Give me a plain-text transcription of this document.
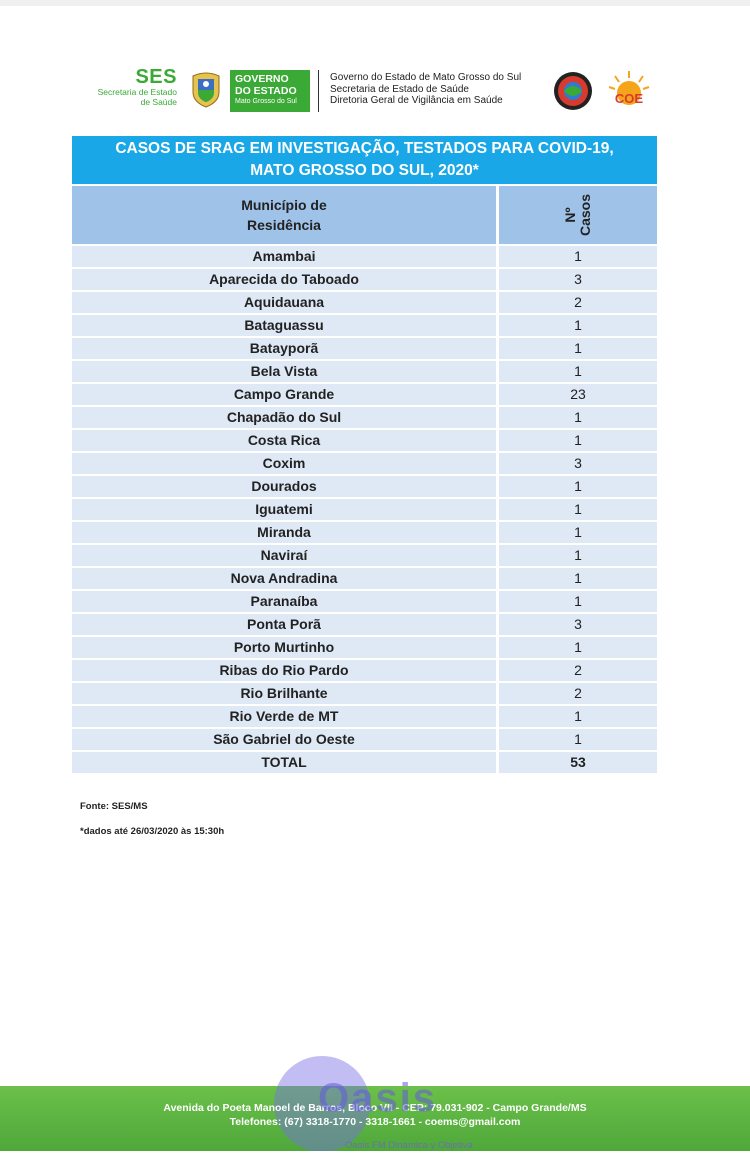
SES
Secretaria de Estado
de Saúde
GOVERNO
DO ESTADO
Mato Grosso do Sul
Governo do Estado de Mato Grosso do Sul
Secretaria de Estado de Saúde
Diretoria Geral de Vigilância em Saúde	COE
CASOS DE SRAG EM INVESTIGAÇÃO, TESTADOS PARA COVID-19,
MATO GROSSO DO SUL, 2020*
Município de
Residência
Nº Casos
Amambai	1
Aparecida do Taboado	3
Aquidauana	2
Bataguassu	1
Batayporã	1
Bela Vista	1
Campo Grande	23
Chapadão do Sul	1
Costa Rica	1
Coxim	3
Dourados	1
Iguatemi	1
Miranda	1
Naviraí	1
Nova Andradina	1
Paranaíba	1
Ponta Porã	3
Porto Murtinho	1
Ribas do Rio Pardo	2
Rio Brilhante	2
Rio Verde de MT	1
São Gabriel do Oeste	1
TOTAL	53
Fonte: SES/MS
*dados até 26/03/2020 às 15:30h
Avenida do Poeta Manoel de Barros, Bloco VII - CEP: 79.031-902 - Campo Grande/MS
Telefones: (67) 3318-1770 - 3318-1661 - coems@gmail.com
Oasis
Oasis FM Dinámica y Objetiva
